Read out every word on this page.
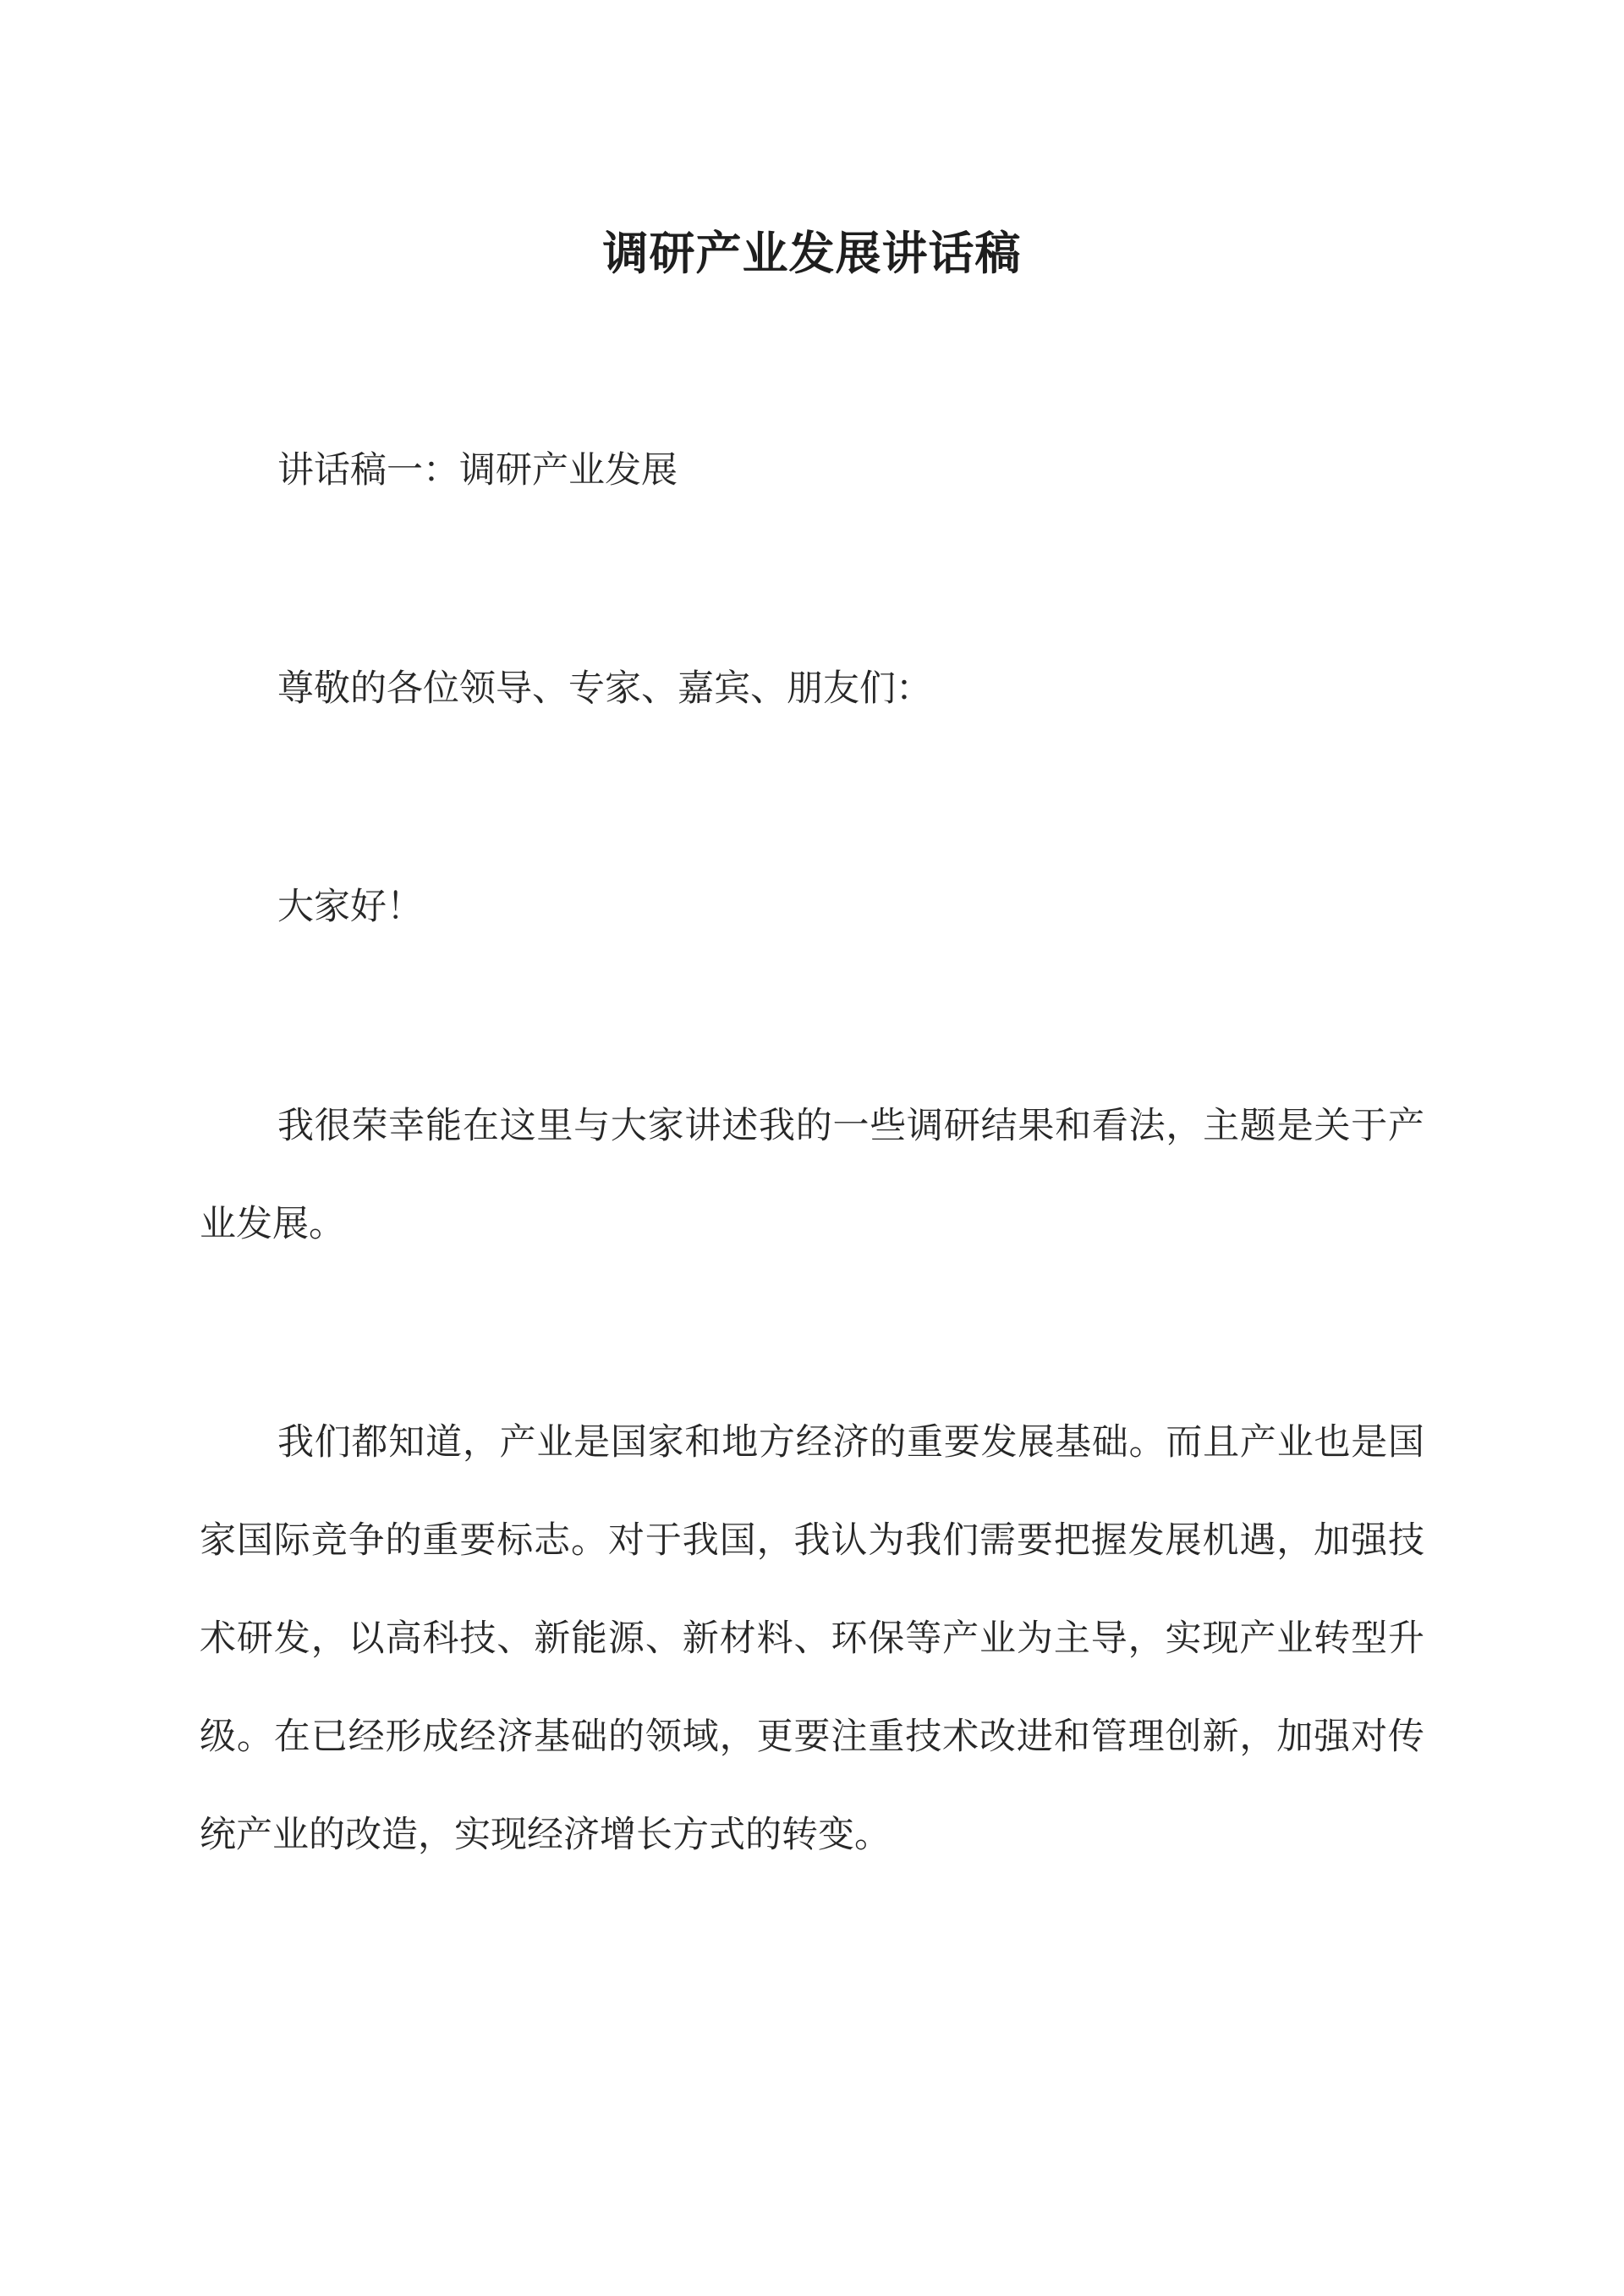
调研产业发展讲话稿

讲话稿一：调研产业发展

尊敬的各位领导、专家、嘉宾、朋友们：

大家好！

我很荣幸能在这里与大家讲述我的一些调研结果和看法，主题是关于产业发展。

我们都知道，产业是国家和地方经济的重要发展基础。而且产业也是国家国际竞争的重要标志。对于我国，我认为我们需要把握发展机遇，加强技术研发，以高科技、新能源、新材料、环保等产业为主导，实现产业转型升级。在已经形成经济基础的领域，更要注重技术改进和管理创新，加强对传统产业的改造，实现经济增长方式的转变。
